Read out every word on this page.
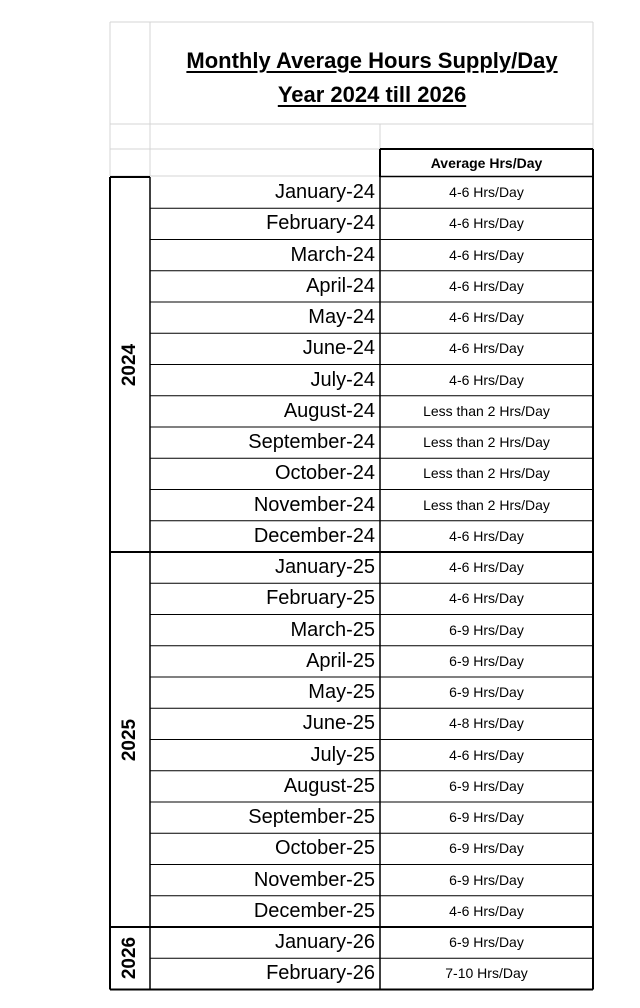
Monthly Average Hours Supply/Day
Year 2024 till 2026
Average Hrs/Day
January-24	4-6 Hrs/Day
February-24	4-6 Hrs/Day
March-24	4-6 Hrs/Day
April-24	4-6 Hrs/Day
May-24	4-6 Hrs/Day
June-24	4-6 Hrs/Day
July-24	4-6 Hrs/Day
August-24	Less than 2 Hrs/Day
September-24	Less than 2 Hrs/Day
October-24	Less than 2 Hrs/Day
November-24	Less than 2 Hrs/Day
December-24	4-6 Hrs/Day
January-25	4-6 Hrs/Day
February-25	4-6 Hrs/Day
March-25	6-9 Hrs/Day
April-25	6-9 Hrs/Day
May-25	6-9 Hrs/Day
June-25	4-8 Hrs/Day
July-25	4-6 Hrs/Day
August-25	6-9 Hrs/Day
September-25	6-9 Hrs/Day
October-25	6-9 Hrs/Day
November-25	6-9 Hrs/Day
December-25	4-6 Hrs/Day
January-26	6-9 Hrs/Day
February-26	7-10 Hrs/Day
2024
2025
2026
